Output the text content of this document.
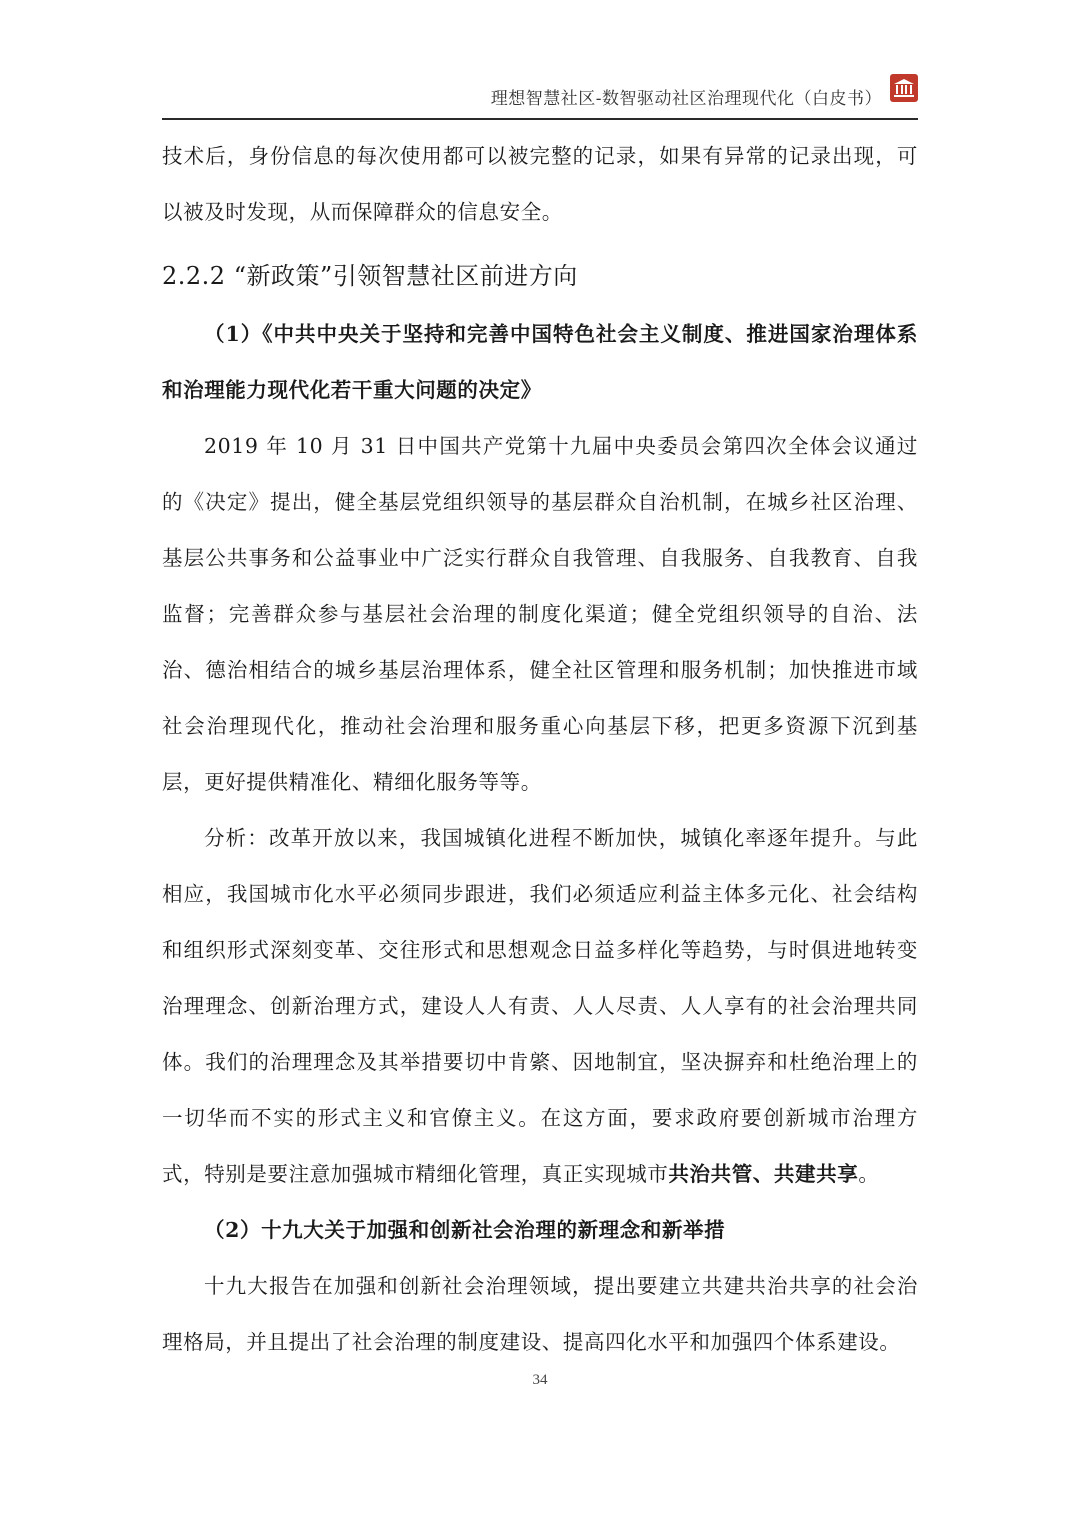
理想智慧社区-数智驱动社区治理现代化（白皮书）

技术后，身份信息的每次使用都可以被完整的记录，如果有异常的记录出现，可以被及时发现，从而保障群众的信息安全。

2.2.2 “新政策”引领智慧社区前进方向
（1）《中共中央关于坚持和完善中国特色社会主义制度、推进国家治理体系和治理能力现代化若干重大问题的决定》

2019 年 10 月 31 日中国共产党第十九届中央委员会第四次全体会议通过的《决定》提出，健全基层党组织领导的基层群众自治机制，在城乡社区治理、基层公共事务和公益事业中广泛实行群众自我管理、自我服务、自我教育、自我监督；完善群众参与基层社会治理的制度化渠道；健全党组织领导的自治、法治、德治相结合的城乡基层治理体系，健全社区管理和服务机制；加快推进市域社会治理现代化，推动社会治理和服务重心向基层下移，把更多资源下沉到基层，更好提供精准化、精细化服务等等。

分析：改革开放以来，我国城镇化进程不断加快，城镇化率逐年提升。与此相应，我国城市化水平必须同步跟进，我们必须适应利益主体多元化、社会结构和组织形式深刻变革、交往形式和思想观念日益多样化等趋势，与时俱进地转变治理理念、创新治理方式，建设人人有责、人人尽责、人人享有的社会治理共同体。我们的治理理念及其举措要切中肯綮、因地制宜，坚决摒弃和杜绝治理上的一切华而不实的形式主义和官僚主义。在这方面，要求政府要创新城市治理方式，特别是要注意加强城市精细化管理，真正实现城市共治共管、共建共享。

（2）十九大关于加强和创新社会治理的新理念和新举措

十九大报告在加强和创新社会治理领域，提出要建立共建共治共享的社会治理格局，并且提出了社会治理的制度建设、提高四化水平和加强四个体系建设。

34
